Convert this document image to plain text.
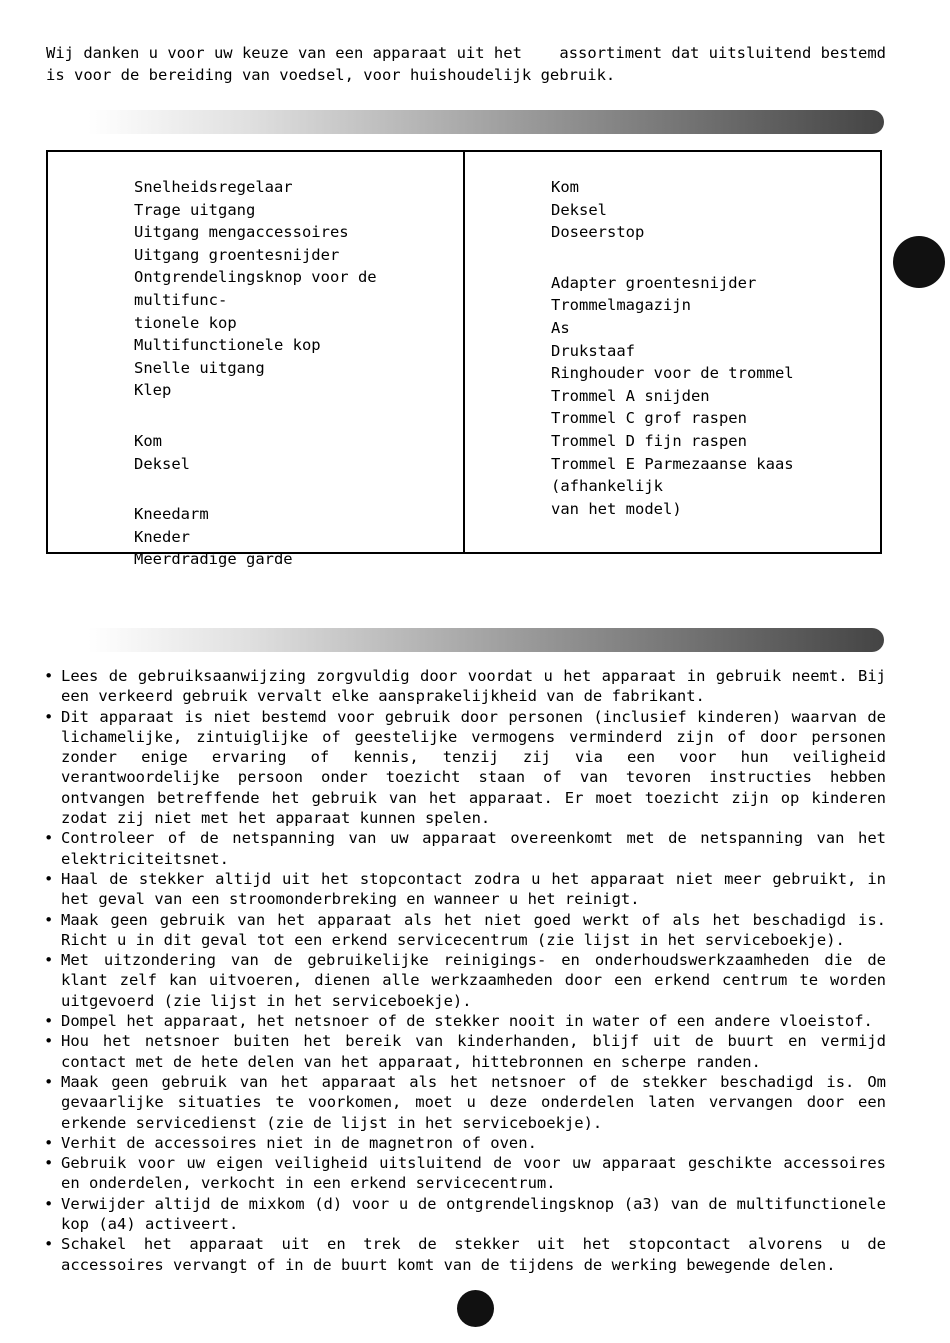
Wij danken u voor uw keuze van een apparaat uit het assortiment dat uitsluitend bestemd
is voor de bereiding van voedsel, voor huishoudelijk gebruik.
Snelheidsregelaar
Trage uitgang
Uitgang mengaccessoires
Uitgang groentesnijder
Ontgrendelingsknop voor de multifunc-
tionele kop
Multifunctionele kop
Snelle uitgang
Klep
Kom
Deksel
Kneedarm
Kneder
Meerdradige garde
Kom
Deksel
Doseerstop
Adapter groentesnijder
Trommelmagazijn
As
Drukstaaf
Ringhouder voor de trommel
Trommel A snijden
Trommel C grof raspen
Trommel D fijn raspen
Trommel E Parmezaanse kaas (afhankelijk
van het model)
• Lees de gebruiksaanwijzing zorgvuldig door voordat u het apparaat in gebruik neemt. Bij een verkeerd gebruik vervalt elke aansprakelijkheid van de fabrikant.
• Dit apparaat is niet bestemd voor gebruik door personen (inclusief kinderen) waarvan de lichamelijke, zintuiglijke of geestelijke vermogens verminderd zijn of door personen zonder enige ervaring of kennis, tenzij zij via een voor hun veiligheid verantwoordelijke persoon onder toezicht staan of van tevoren instructies hebben ontvangen betreffende het gebruik van het apparaat. Er moet toezicht zijn op kinderen zodat zij niet met het apparaat kunnen spelen.
• Controleer of de netspanning van uw apparaat overeenkomt met de netspanning van het elektriciteitsnet.
• Haal de stekker altijd uit het stopcontact zodra u het apparaat niet meer gebruikt, in het geval van een stroomonderbreking en wanneer u het reinigt.
• Maak geen gebruik van het apparaat als het niet goed werkt of als het beschadigd is. Richt u in dit geval tot een erkend servicecentrum (zie lijst in het serviceboekje).
• Met uitzondering van de gebruikelijke reinigings- en onderhoudswerkzaamheden die de klant zelf kan uitvoeren, dienen alle werkzaamheden door een erkend centrum te worden uitgevoerd (zie lijst in het serviceboekje).
• Dompel het apparaat, het netsnoer of de stekker nooit in water of een andere vloeistof.
• Hou het netsnoer buiten het bereik van kinderhanden, blijf uit de buurt en vermijd contact met de hete delen van het apparaat, hittebronnen en scherpe randen.
• Maak geen gebruik van het apparaat als het netsnoer of de stekker beschadigd is. Om gevaarlijke situaties te voorkomen, moet u deze onderdelen laten vervangen door een erkende servicedienst (zie de lijst in het serviceboekje).
• Verhit de accessoires niet in de magnetron of oven.
• Gebruik voor uw eigen veiligheid uitsluitend de voor uw apparaat geschikte accessoires en onderdelen, verkocht in een erkend servicecentrum.
• Verwijder altijd de mixkom (d) voor u de ontgrendelingsknop (a3) van de multifunctionele kop (a4) activeert.
• Schakel het apparaat uit en trek de stekker uit het stopcontact alvorens u de accessoires vervangt of in de buurt komt van de tijdens de werking bewegende delen.
